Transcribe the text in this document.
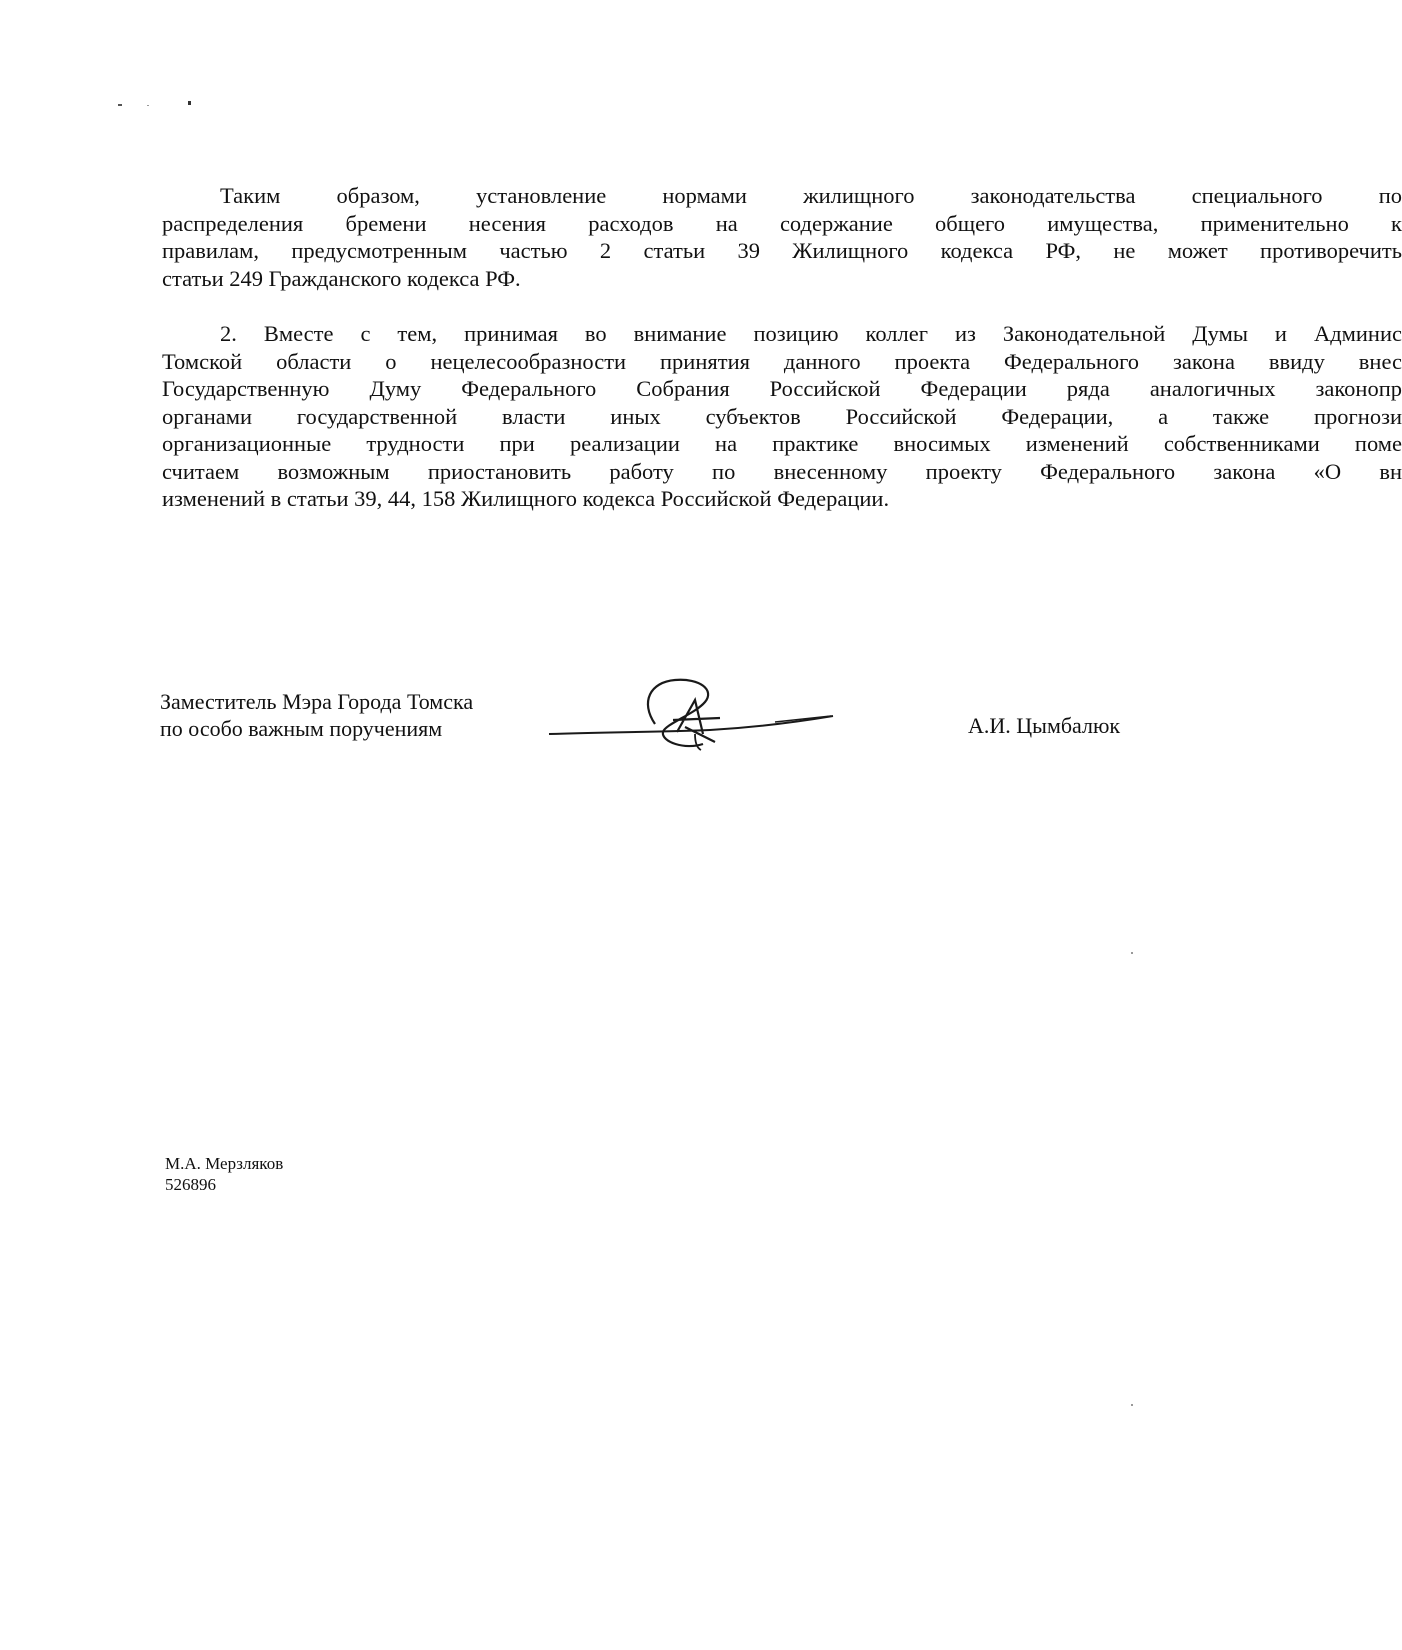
Таким образом, установление нормами жилищного законодательства специального по
распределения бремени несения расходов на содержание общего имущества, применительно к
правилам, предусмотренным частью 2 статьи 39 Жилищного кодекса РФ, не может противоречить
статьи 249 Гражданского кодекса РФ.
2. Вместе с тем, принимая во внимание позицию коллег из Законодательной Думы и Админис
Томской области о нецелесообразности принятия данного проекта Федерального закона ввиду внес
Государственную Думу Федерального Собрания Российской Федерации ряда аналогичных законопр
органами государственной власти иных субъектов Российской Федерации, а также прогнози
организационные трудности при реализации на практике вносимых изменений собственниками поме
считаем возможным приостановить работу по внесенному проекту Федерального закона «О вн
изменений в статьи 39, 44, 158 Жилищного кодекса Российской Федерации.
Заместитель Мэра Города Томска
по особо важным поручениям	А.И. Цымбалюк
М.А. Мерзляков
526896
